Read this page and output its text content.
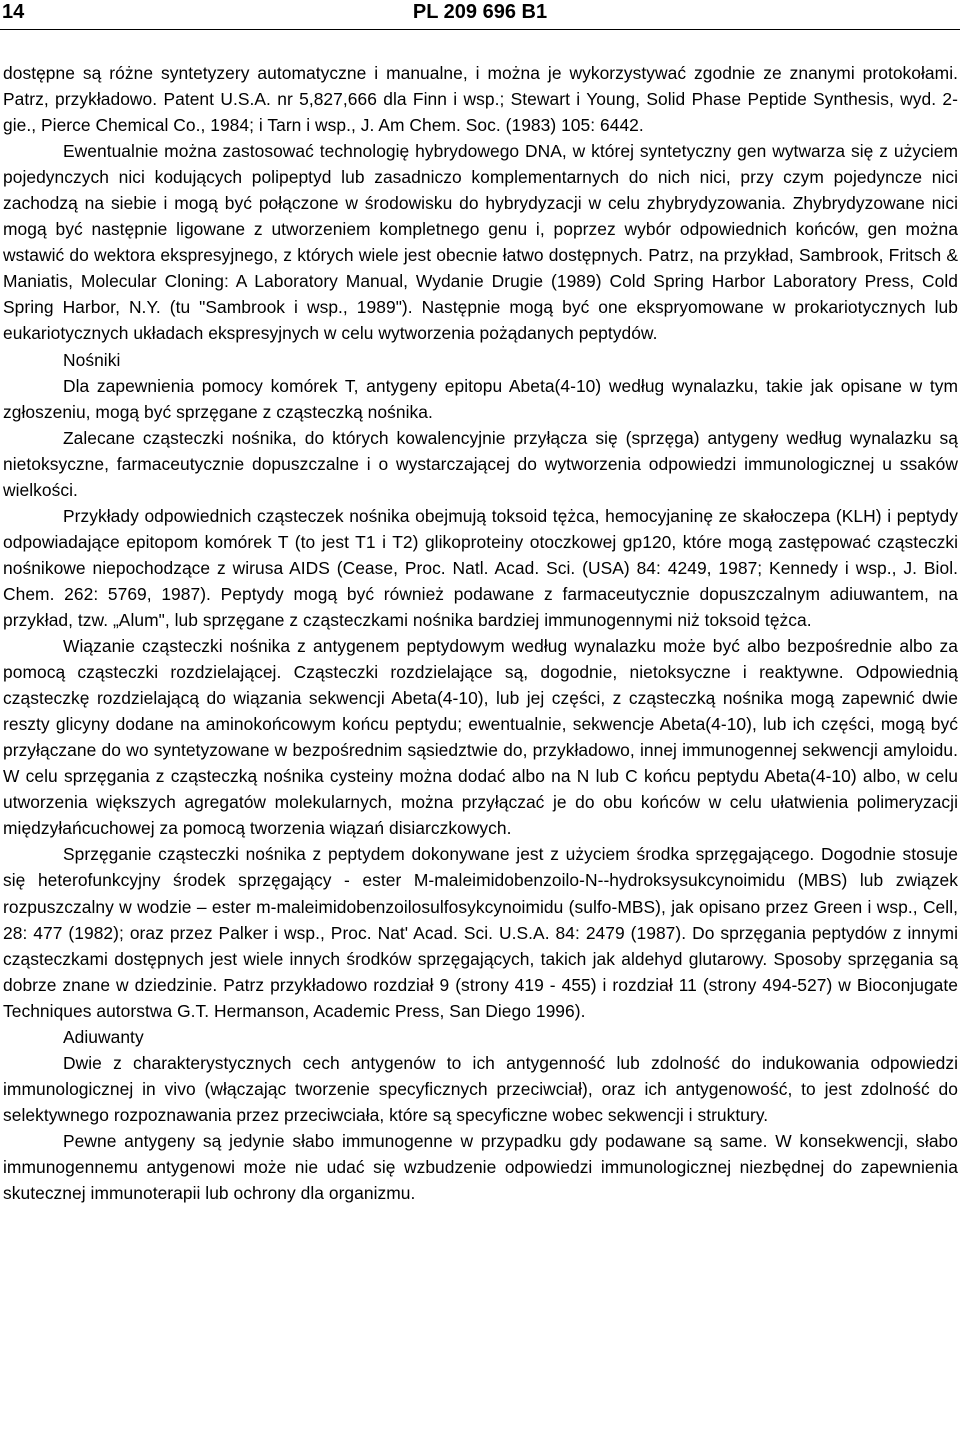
14	PL 209 696 B1

dostępne są różne syntetyzery automatyczne i manualne, i można je wykorzystywać zgodnie ze znanymi protokołami. Patrz, przykładowo. Patent U.S.A. nr 5,827,666 dla Finn i wsp.; Stewart i Young, Solid Phase Peptide Synthesis, wyd. 2-gie., Pierce Chemical Co., 1984; i Tarn i wsp., J. Am Chem. Soc. (1983) 105: 6442.

Ewentualnie można zastosować technologię hybrydowego DNA, w której syntetyczny gen wytwarza się z użyciem pojedynczych nici kodujących polipeptyd lub zasadniczo komplementarnych do nich nici, przy czym pojedyncze nici zachodzą na siebie i mogą być połączone w środowisku do hybrydyzacji w celu zhybrydyzowania. Zhybrydyzowane nici mogą być następnie ligowane z utworzeniem kompletnego genu i, poprzez wybór odpowiednich końców, gen można wstawić do wektora ekspresyjnego, z których wiele jest obecnie łatwo dostępnych. Patrz, na przykład, Sambrook, Fritsch & Maniatis, Molecular Cloning: A Laboratory Manual, Wydanie Drugie (1989) Cold Spring Harbor Laboratory Press, Cold Spring Harbor, N.Y. (tu "Sambrook i wsp., 1989"). Następnie mogą być one ekspryomowane w prokariotycznych lub eukariotycznych układach ekspresyjnych w celu wytworzenia pożądanych peptydów.

Nośniki

Dla zapewnienia pomocy komórek T, antygeny epitopu Abeta(4-10) według wynalazku, takie jak opisane w tym zgłoszeniu, mogą być sprzęgane z cząsteczką nośnika.

Zalecane cząsteczki nośnika, do których kowalencyjnie przyłącza się (sprzęga) antygeny według wynalazku są nietoksyczne, farmaceutycznie dopuszczalne i o wystarczającej do wytworzenia odpowiedzi immunologicznej u ssaków wielkości.

Przykłady odpowiednich cząsteczek nośnika obejmują toksoid tężca, hemocyjaninę ze skałoczepa (KLH) i peptydy odpowiadające epitopom komórek T (to jest T1 i T2) glikoproteiny otoczkowej gp120, które mogą zastępować cząsteczki nośnikowe niepochodzące z wirusa AIDS (Cease, Proc. Natl. Acad. Sci. (USA) 84: 4249, 1987; Kennedy i wsp., J. Biol. Chem. 262: 5769, 1987). Peptydy mogą być również podawane z farmaceutycznie dopuszczalnym adiuwantem, na przykład, tzw. „Alum", lub sprzęgane z cząsteczkami nośnika bardziej immunogennymi niż toksoid tężca.

Wiązanie cząsteczki nośnika z antygenem peptydowym według wynalazku może być albo bezpośrednie albo za pomocą cząsteczki rozdzielającej. Cząsteczki rozdzielające są, dogodnie, nietoksyczne i reaktywne. Odpowiednią cząsteczkę rozdzielającą do wiązania sekwencji Abeta(4-10), lub jej części, z cząsteczką nośnika mogą zapewnić dwie reszty glicyny dodane na aminokońcowym końcu peptydu; ewentualnie, sekwencje Abeta(4-10), lub ich części, mogą być przyłączane do wo syntetyzowane w bezpośrednim sąsiedztwie do, przykładowo, innej immunogennej sekwencji amyloidu. W celu sprzęgania z cząsteczką nośnika cysteiny można dodać albo na N lub C końcu peptydu Abeta(4-10) albo, w celu utworzenia większych agregatów molekularnych, można przyłączać je do obu końców w celu ułatwienia polimeryzacji międzyłańcuchowej za pomocą tworzenia wiązań disiarczkowych.

Sprzęganie cząsteczki nośnika z peptydem dokonywane jest z użyciem środka sprzęgającego. Dogodnie stosuje się heterofunkcyjny środek sprzęgający - ester M-maleimidobenzoilo-N--hydroksysukcynoimidu (MBS) lub związek rozpuszczalny w wodzie – ester m-maleimidobenzoilosulfosykcynoimidu (sulfo-MBS), jak opisano przez Green i wsp., Cell, 28: 477 (1982); oraz przez Palker i wsp., Proc. Nat' Acad. Sci. U.S.A. 84: 2479 (1987). Do sprzęgania peptydów z innymi cząsteczkami dostępnych jest wiele innych środków sprzęgających, takich jak aldehyd glutarowy. Sposoby sprzęgania są dobrze znane w dziedzinie. Patrz przykładowo rozdział 9 (strony 419 - 455) i rozdział 11 (strony 494-527) w Bioconjugate Techniques autorstwa G.T. Hermanson, Academic Press, San Diego 1996).

Adiuwanty

Dwie z charakterystycznych cech antygenów to ich antygenność lub zdolność do indukowania odpowiedzi immunologicznej in vivo (włączając tworzenie specyficznych przeciwciał), oraz ich antygenowość, to jest zdolność do selektywnego rozpoznawania przez przeciwciała, które są specyficzne wobec sekwencji i struktury.

Pewne antygeny są jedynie słabo immunogenne w przypadku gdy podawane są same. W konsekwencji, słabo immunogennemu antygenowi może nie udać się wzbudzenie odpowiedzi immunologicznej niezbędnej do zapewnienia skutecznej immunoterapii lub ochrony dla organizmu.
